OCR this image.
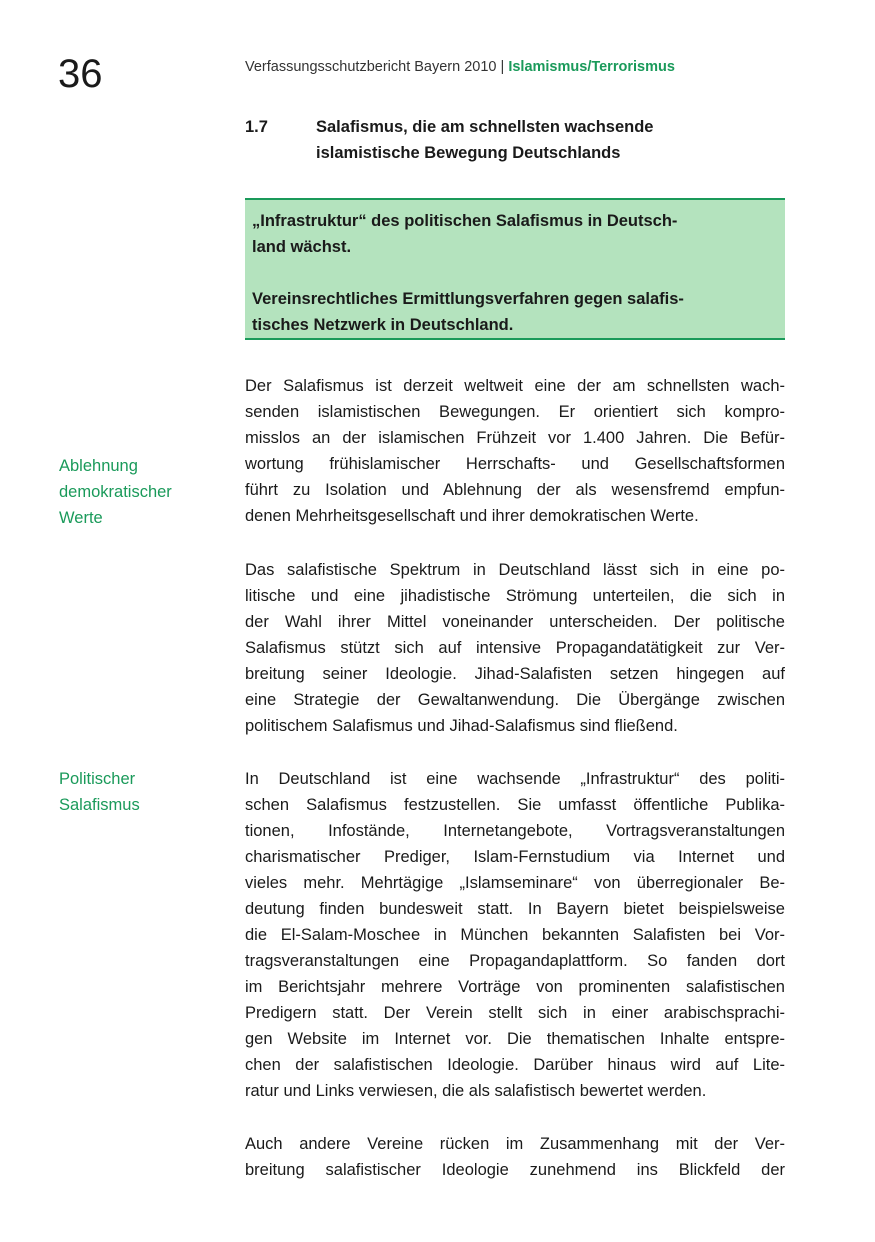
36	Verfassungsschutzbericht Bayern 2010 | Islamismus/Terrorismus
1.7	Salafismus, die am schnellsten wachsende
islamistische Bewegung Deutschlands

„Infrastruktur“ des politischen Salafismus in Deutsch-
land wächst.

Vereinsrechtliches Ermittlungsverfahren gegen salafis-
tisches Netzwerk in Deutschland.

Ablehnung
demokratischer
Werte
Politischer
Salafismus

Der Salafismus ist derzeit weltweit eine der am schnellsten wach-
senden islamistischen Bewegungen. Er orientiert sich kompro-
misslos an der islamischen Frühzeit vor 1.400 Jahren. Die Befür-
wortung frühislamischer Herrschafts- und Gesellschaftsformen
führt zu Isolation und Ablehnung der als wesensfremd empfun-
denen Mehrheitsgesellschaft und ihrer demokratischen Werte.

Das salafistische Spektrum in Deutschland lässt sich in eine po-
litische und eine jihadistische Strömung unterteilen, die sich in
der Wahl ihrer Mittel voneinander unterscheiden. Der politische
Salafismus stützt sich auf intensive Propagandatätigkeit zur Ver-
breitung seiner Ideologie. Jihad-Salafisten setzen hingegen auf
eine Strategie der Gewaltanwendung. Die Übergänge zwischen
politischem Salafismus und Jihad-Salafismus sind fließend.

In Deutschland ist eine wachsende „Infrastruktur“ des politi-
schen Salafismus festzustellen. Sie umfasst öffentliche Publika-
tionen, Infostände, Internetangebote, Vortragsveranstaltungen
charismatischer Prediger, Islam-Fernstudium via Internet und
vieles mehr. Mehrtägige „Islamseminare“ von überregionaler Be-
deutung finden bundesweit statt. In Bayern bietet beispielsweise
die El-Salam-Moschee in München bekannten Salafisten bei Vor-
tragsveranstaltungen eine Propagandaplattform. So fanden dort
im Berichtsjahr mehrere Vorträge von prominenten salafistischen
Predigern statt. Der Verein stellt sich in einer arabischsprachi-
gen Website im Internet vor. Die thematischen Inhalte entspre-
chen der salafistischen Ideologie. Darüber hinaus wird auf Lite-
ratur und Links verwiesen, die als salafistisch bewertet werden.

Auch andere Vereine rücken im Zusammenhang mit der Ver-
breitung salafistischer Ideologie zunehmend ins Blickfeld der
